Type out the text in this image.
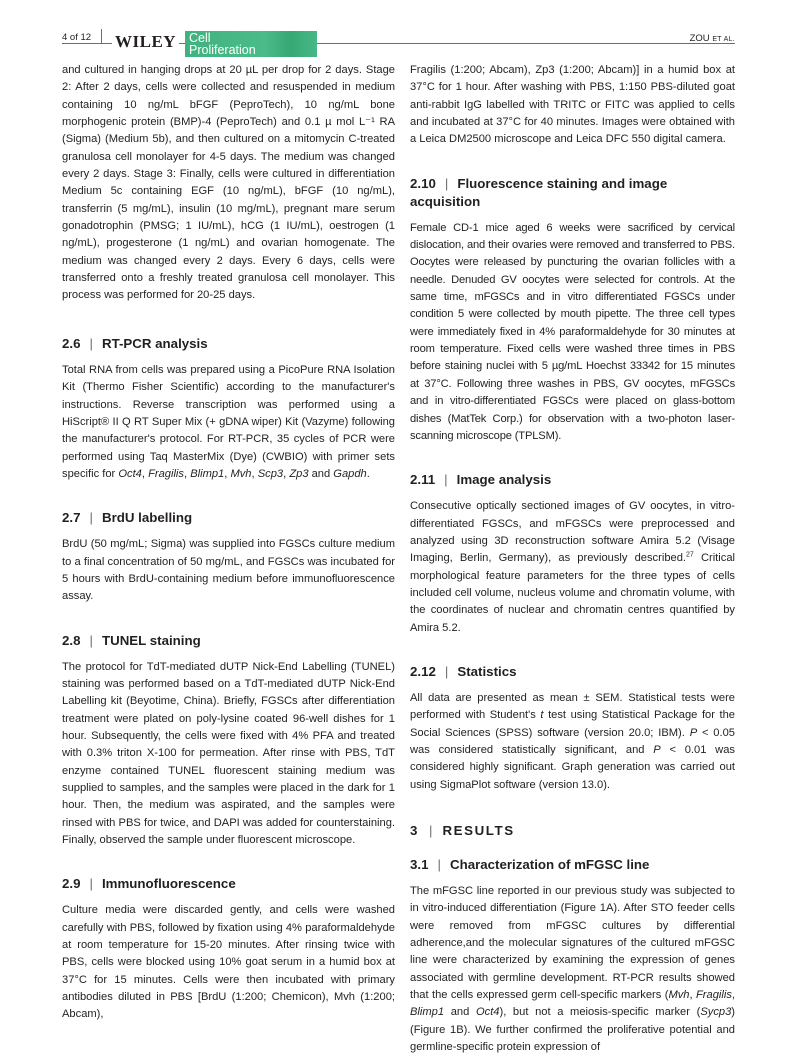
4 of 12	WILEY	Cell
Proliferation
ZOU ET AL.

and cultured in hanging drops at 20 µL per drop for 2 days. Stage 2: After 2 days, cells were collected and resuspended in medium containing 10 ng/mL bFGF (PeproTech), 10 ng/mL bone morphogenic protein (BMP)-4 (PeproTech) and 0.1 µ mol L⁻¹ RA (Sigma) (Medium 5b), and then cultured on a mitomycin C-treated granulosa cell monolayer for 4-5 days. The medium was changed every 2 days. Stage 3: Finally, cells were cultured in differentiation Medium 5c containing EGF (10 ng/mL), bFGF (10 ng/mL), transferrin (5 mg/mL), insulin (10 mg/mL), pregnant mare serum gonadotrophin (PMSG; 1 IU/mL), hCG (1 IU/mL), oestrogen (1 ng/mL), progesterone (1 ng/mL) and ovarian homogenate. The medium was changed every 2 days. Every 6 days, cells were transferred onto a freshly treated granulosa cell monolayer. This process was performed for 20-25 days.

2.6 | RT-PCR analysis

Total RNA from cells was prepared using a PicoPure RNA Isolation Kit (Thermo Fisher Scientific) according to the manufacturer's instructions. Reverse transcription was performed using a HiScript® II Q RT Super Mix (+ gDNA wiper) Kit (Vazyme) following the manufacturer's protocol. For RT-PCR, 35 cycles of PCR were performed using Taq MasterMix (Dye) (CWBIO) with primer sets specific for Oct4, Fragilis, Blimp1, Mvh, Scp3, Zp3 and Gapdh.

2.7 | BrdU labelling

BrdU (50 mg/mL; Sigma) was supplied into FGSCs culture medium to a final concentration of 50 mg/mL, and FGSCs was incubated for 5 hours with BrdU-containing medium before immunofluorescence assay.

2.8 | TUNEL staining

The protocol for TdT-mediated dUTP Nick-End Labelling (TUNEL) staining was performed based on a TdT-mediated dUTP Nick-End Labelling kit (Beyotime, China). Briefly, FGSCs after differentiation treatment were plated on poly-lysine coated 96-well dishes for 1 hour. Subsequently, the cells were fixed with 4% PFA and treated with 0.3% triton X-100 for permeation. After rinse with PBS, TdT enzyme contained TUNEL fluorescent staining medium was supplied to samples, and the samples were placed in the dark for 1 hour. Then, the medium was aspirated, and the samples were rinsed with PBS for twice, and DAPI was added for counterstaining. Finally, observed the sample under fluorescent microscope.

2.9 | Immunofluorescence

Culture media were discarded gently, and cells were washed carefully with PBS, followed by fixation using 4% paraformaldehyde at room temperature for 15-20 minutes. After rinsing twice with PBS, cells were blocked using 10% goat serum in a humid box at 37°C for 15 minutes. Cells were then incubated with primary antibodies diluted in PBS [BrdU (1:200; Chemicon), Mvh (1:200; Abcam),

Fragilis (1:200; Abcam), Zp3 (1:200; Abcam)] in a humid box at 37°C for 1 hour. After washing with PBS, 1:150 PBS-diluted goat anti-rabbit IgG labelled with TRITC or FITC was applied to cells and incubated at 37°C for 40 minutes. Images were obtained with a Leica DM2500 microscope and Leica DFC 550 digital camera.

2.10 | Fluorescence staining and image acquisition

Female CD-1 mice aged 6 weeks were sacrificed by cervical dislocation, and their ovaries were removed and transferred to PBS. Oocytes were released by puncturing the ovarian follicles with a needle. Denuded GV oocytes were selected for controls. At the same time, mFGSCs and in vitro differentiated FGSCs under condition 5 were collected by mouth pipette. The three cell types were immediately fixed in 4% paraformaldehyde for 30 minutes at room temperature. Fixed cells were washed three times in PBS before staining nuclei with 5 µg/mL Hoechst 33342 for 15 minutes at 37°C. Following three washes in PBS, GV oocytes, mFGSCs and in vitro-differentiated FGSCs were placed on glass-bottom dishes (MatTek Corp.) for observation with a two-photon laser-scanning microscope (TPLSM).

2.11 | Image analysis

Consecutive optically sectioned images of GV oocytes, in vitro-differentiated FGSCs, and mFGSCs were preprocessed and analyzed using 3D reconstruction software Amira 5.2 (Visage Imaging, Berlin, Germany), as previously described.$^{27}$ Critical morphological feature parameters for the three types of cells included cell volume, nucleus volume and chromatin volume, with the coordinates of nuclear and chromatin centres quantified by Amira 5.2.

2.12 | Statistics

All data are presented as mean ± SEM. Statistical tests were performed with Student's t test using Statistical Package for the Social Sciences (SPSS) software (version 20.0; IBM). P < 0.05 was considered statistically significant, and P < 0.01 was considered highly significant. Graph generation was carried out using SigmaPlot software (version 13.0).

3 | RESULTS
3.1 | Characterization of mFGSC line

The mFGSC line reported in our previous study was subjected to in vitro-induced differentiation (Figure 1A). After STO feeder cells were removed from mFGSC cultures by differential adherence,and the molecular signatures of the cultured mFGSC line were characterized by examining the expression of genes associated with germline development. RT-PCR results showed that the cells expressed germ cell-specific markers (Mvh, Fragilis, Blimp1 and Oct4), but not a meiosis-specific marker (Sycp3) (Figure 1B). We further confirmed the proliferative potential and germline-specific protein expression of
